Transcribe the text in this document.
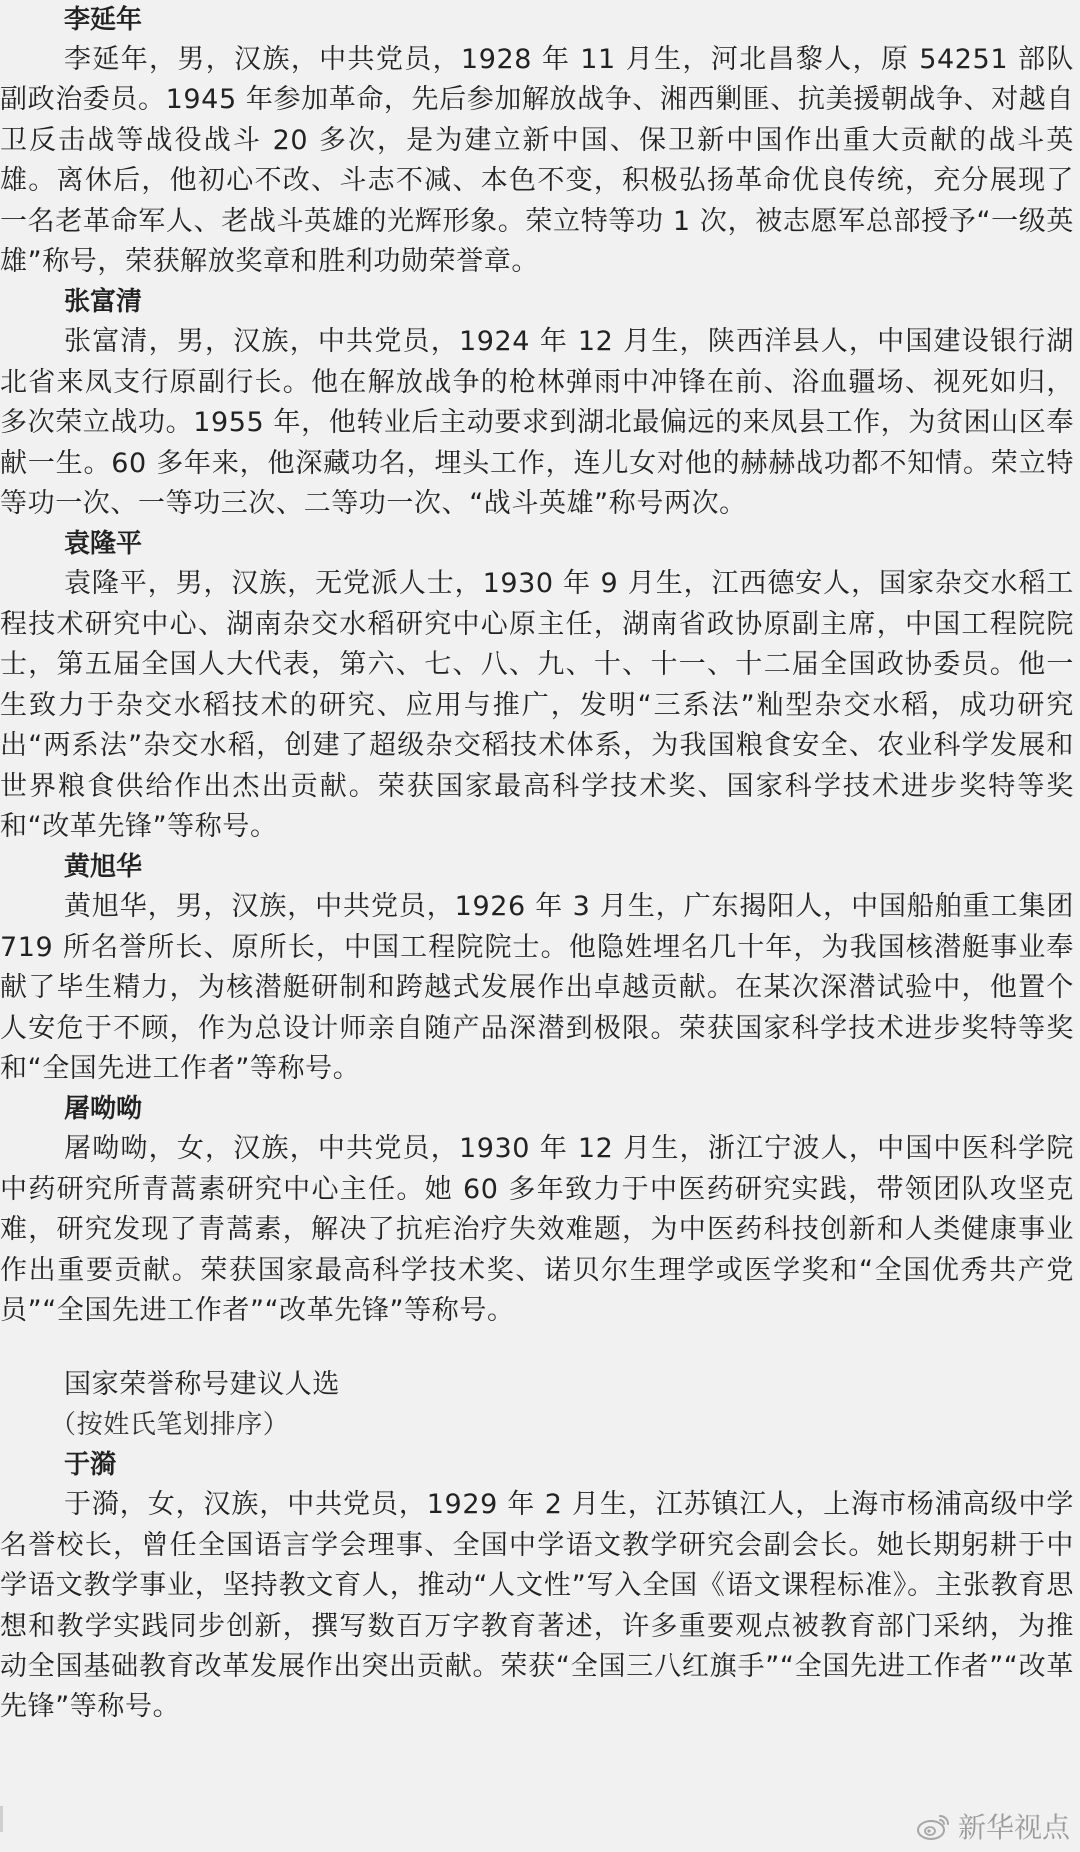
李延年

李延年，男，汉族，中共党员，1928 年 11 月生，河北昌黎人，原 54251 部队副政治委员。1945 年参加革命，先后参加解放战争、湘西剿匪、抗美援朝战争、对越自卫反击战等战役战斗 20 多次，是为建立新中国、保卫新中国作出重大贡献的战斗英雄。离休后，他初心不改、斗志不减、本色不变，积极弘扬革命优良传统，充分展现了一名老革命军人、老战斗英雄的光辉形象。荣立特等功 1 次，被志愿军总部授予“一级英雄”称号，荣获解放奖章和胜利功勋荣誉章。

张富清

张富清，男，汉族，中共党员，1924 年 12 月生，陕西洋县人，中国建设银行湖北省来凤支行原副行长。他在解放战争的枪林弹雨中冲锋在前、浴血疆场、视死如归，多次荣立战功。1955 年，他转业后主动要求到湖北最偏远的来凤县工作，为贫困山区奉献一生。60 多年来，他深藏功名，埋头工作，连儿女对他的赫赫战功都不知情。荣立特等功一次、一等功三次、二等功一次、“战斗英雄”称号两次。

袁隆平

袁隆平，男，汉族，无党派人士，1930 年 9 月生，江西德安人，国家杂交水稻工程技术研究中心、湖南杂交水稻研究中心原主任，湖南省政协原副主席，中国工程院院士，第五届全国人大代表，第六、七、八、九、十、十一、十二届全国政协委员。他一生致力于杂交水稻技术的研究、应用与推广，发明“三系法”籼型杂交水稻，成功研究出“两系法”杂交水稻，创建了超级杂交稻技术体系，为我国粮食安全、农业科学发展和世界粮食供给作出杰出贡献。荣获国家最高科学技术奖、国家科学技术进步奖特等奖和“改革先锋”等称号。

黄旭华

黄旭华，男，汉族，中共党员，1926 年 3 月生，广东揭阳人，中国船舶重工集团 719 所名誉所长、原所长，中国工程院院士。他隐姓埋名几十年，为我国核潜艇事业奉献了毕生精力，为核潜艇研制和跨越式发展作出卓越贡献。在某次深潜试验中，他置个人安危于不顾，作为总设计师亲自随产品深潜到极限。荣获国家科学技术进步奖特等奖和“全国先进工作者”等称号。

屠呦呦

屠呦呦，女，汉族，中共党员，1930 年 12 月生，浙江宁波人，中国中医科学院中药研究所青蒿素研究中心主任。她 60 多年致力于中医药研究实践，带领团队攻坚克难，研究发现了青蒿素，解决了抗疟治疗失效难题，为中医药科技创新和人类健康事业作出重要贡献。荣获国家最高科学技术奖、诺贝尔生理学或医学奖和“全国优秀共产党员”“全国先进工作者”“改革先锋”等称号。

国家荣誉称号建议人选

（按姓氏笔划排序）

于漪

于漪，女，汉族，中共党员，1929 年 2 月生，江苏镇江人，上海市杨浦高级中学名誉校长，曾任全国语言学会理事、全国中学语文教学研究会副会长。她长期躬耕于中学语文教学事业，坚持教文育人，推动“人文性”写入全国《语文课程标准》。主张教育思想和教学实践同步创新，撰写数百万字教育著述，许多重要观点被教育部门采纳，为推动全国基础教育改革发展作出突出贡献。荣获“全国三八红旗手”“全国先进工作者”“改革先锋”等称号。

新华视点
